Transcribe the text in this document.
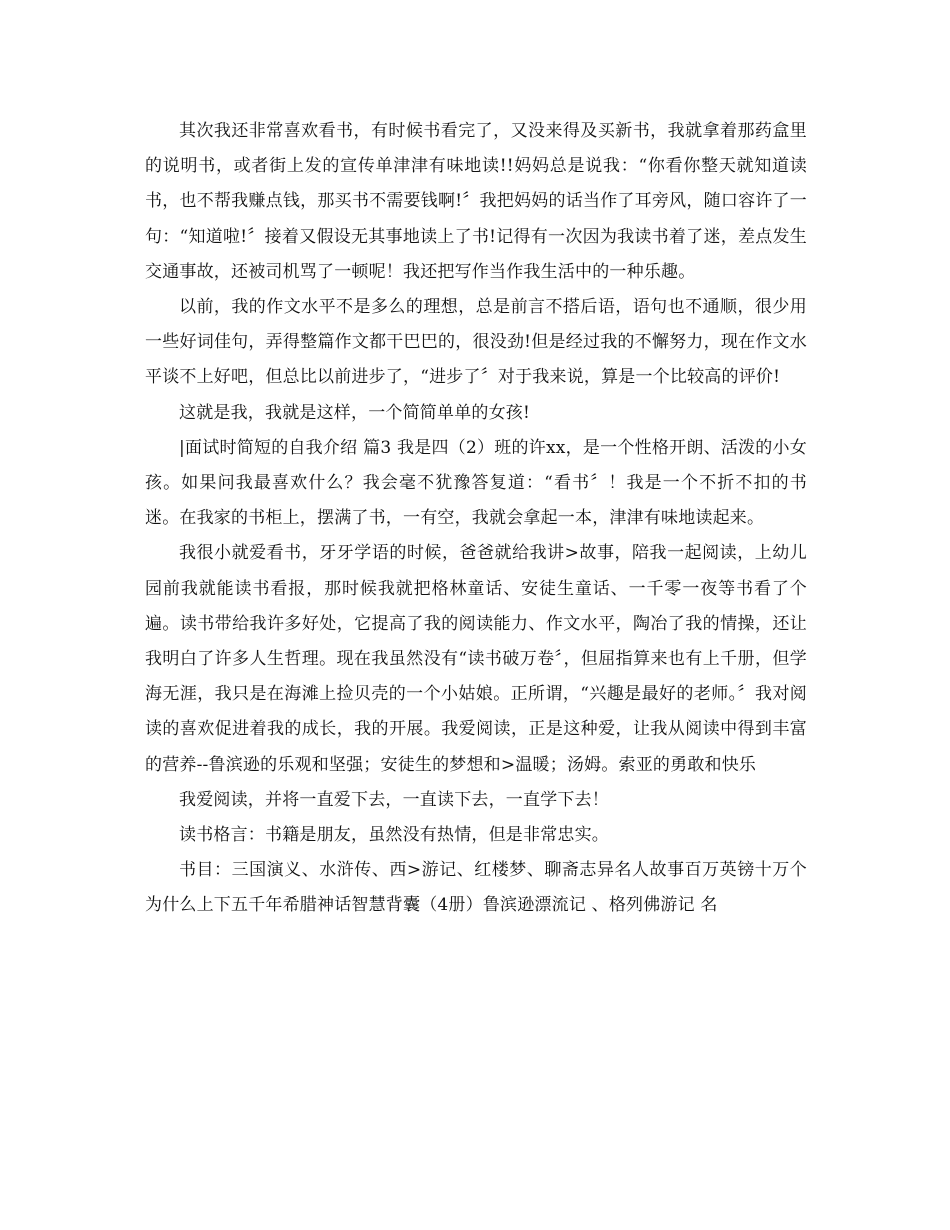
其次我还非常喜欢看书，有时候书看完了，又没来得及买新书，我就拿着那药盒里的说明书，或者街上发的宣传单津津有味地读!!妈妈总是说我：“你看你整天就知道读书，也不帮我赚点钱，那买书不需要钱啊!〞我把妈妈的话当作了耳旁风，随口容许了一句：“知道啦!〞接着又假设无其事地读上了书!记得有一次因为我读书着了迷，差点发生交通事故，还被司机骂了一顿呢！我还把写作当作我生活中的一种乐趣。

以前，我的作文水平不是多么的理想，总是前言不搭后语，语句也不通顺，很少用一些好词佳句，弄得整篇作文都干巴巴的，很没劲!但是经过我的不懈努力，现在作文水平谈不上好吧，但总比以前进步了，“进步了〞对于我来说，算是一个比较高的评价!

这就是我，我就是这样，一个简简单单的女孩!

|面试时简短的自我介绍 篇3 我是四（2）班的许xx，是一个性格开朗、活泼的小女孩。如果问我最喜欢什么？我会毫不犹豫答复道：“看书〞！我是一个不折不扣的书迷。在我家的书柜上，摆满了书，一有空，我就会拿起一本，津津有味地读起来。

我很小就爱看书，牙牙学语的时候，爸爸就给我讲>故事，陪我一起阅读，上幼儿园前我就能读书看报，那时候我就把格林童话、安徒生童话、一千零一夜等书看了个遍。读书带给我许多好处，它提高了我的阅读能力、作文水平，陶冶了我的情操，还让我明白了许多人生哲理。现在我虽然没有“读书破万卷〞，但屈指算来也有上千册，但学海无涯，我只是在海滩上捡贝壳的一个小姑娘。正所谓，“兴趣是最好的老师。〞我对阅读的喜欢促进着我的成长，我的开展。我爱阅读，正是这种爱，让我从阅读中得到丰富的营养--鲁滨逊的乐观和坚强；安徒生的梦想和>温暖；汤姆。索亚的勇敢和快乐

我爱阅读，并将一直爱下去，一直读下去，一直学下去！

读书格言：书籍是朋友，虽然没有热情，但是非常忠实。

书目：三国演义、水浒传、西>游记、红楼梦、聊斋志异名人故事百万英镑十万个为什么上下五千年希腊神话智慧背囊（4册）鲁滨逊漂流记 、格列佛游记 名
